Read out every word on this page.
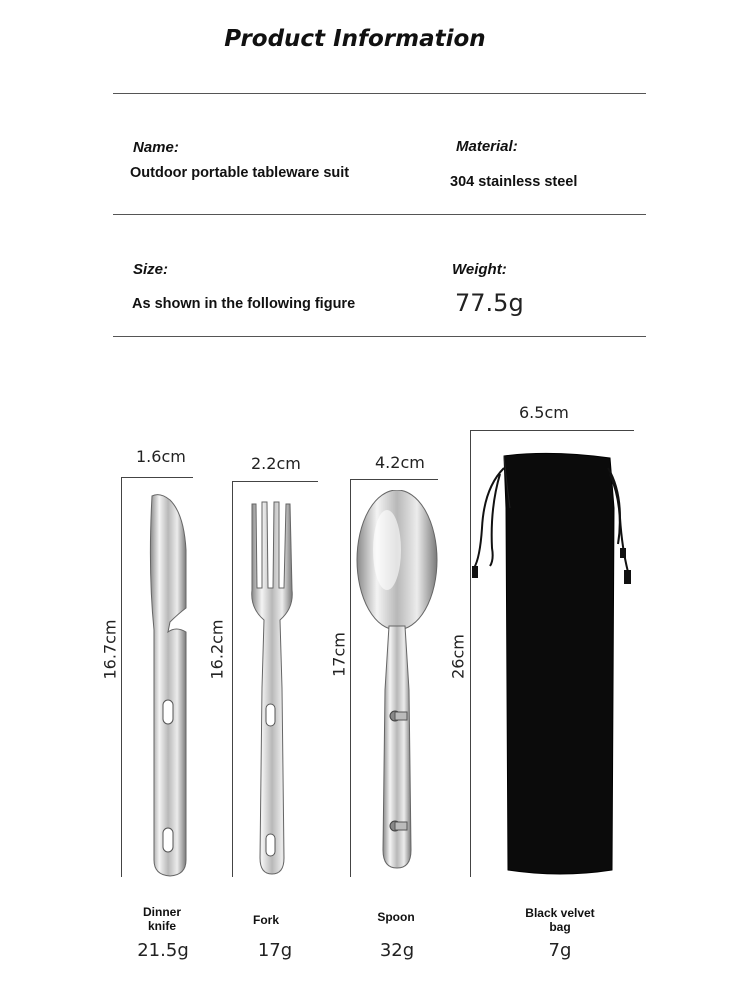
Product Information
Name:
Outdoor portable tableware suit
Material:
304 stainless steel
Size:
As shown in the following figure
Weight:
77.5g
1.6cm
16.7cm
2.2cm
16.2cm
4.2cm
17cm
6.5cm
26cm
Dinner knife
21.5g
Fork
17g
Spoon
32g
Black velvet bag
7g
